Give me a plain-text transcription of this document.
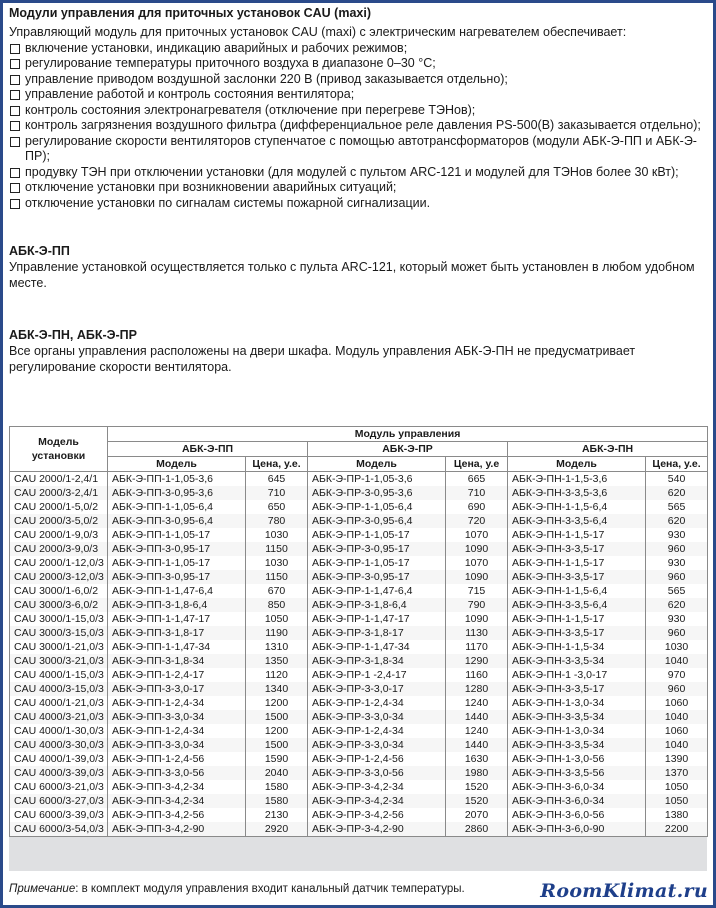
Модули управления для приточных установок CAU (maxi)

Управляющий модуль для приточных установок CAU (maxi) с электрическим нагревателем обеспечивает:

включение установки, индикацию аварийных и рабочих режимов;
регулирование температуры приточного воздуха в диапазоне 0–30 °С;
управление приводом воздушной заслонки 220 В (привод заказывается отдельно);
управление работой и контроль состояния вентилятора;
контроль состояния электронагревателя (отключение при перегреве ТЭНов);
контроль загрязнения воздушного фильтра (дифференциальное реле давления PS-500(В) заказывается отдельно);
регулирование скорости вентиляторов ступенчатое с помощью автотрансформаторов (модули АБК-Э-ПП и АБК-Э-ПР);
продувку ТЭН при отключении установки (для модулей с пультом ARC-121 и модулей для ТЭНов более 30 кВт);
отключение установки при возникновении аварийных ситуаций;
отключение установки по сигналам системы пожарной сигнализации.
АБК-Э-ПП

Управление установкой осуществляется только с пульта ARC-121, который может быть установлен в любом удобном месте.

АБК-Э-ПН, АБК-Э-ПР

Все органы управления расположены на двери шкафа. Модуль управления АБК-Э-ПН не предусматривает регулирование скорости вентилятора.

Модель установки	Модуль управления					
	АБК-Э-ПП		АБК-Э-ПР		АБК-Э-ПН	
	Модель	Цена, у.е.	Модель	Цена, у.е	Модель	Цена, у.е.
CAU 2000/1-2,4/1	АБК-Э-ПП-1-1,05-3,6	645	АБК-Э-ПР-1-1,05-3,6	665	АБК-Э-ПН-1-1,5-3,6	540
CAU 2000/3-2,4/1	АБК-Э-ПП-3-0,95-3,6	710	АБК-Э-ПР-3-0,95-3,6	710	АБК-Э-ПН-3-3,5-3,6	620
CAU 2000/1-5,0/2	АБК-Э-ПП-1-1,05-6,4	650	АБК-Э-ПР-1-1,05-6,4	690	АБК-Э-ПН-1-1,5-6,4	565
CAU 2000/3-5,0/2	АБК-Э-ПП-3-0,95-6,4	780	АБК-Э-ПР-3-0,95-6,4	720	АБК-Э-ПН-3-3,5-6,4	620
CAU 2000/1-9,0/3	АБК-Э-ПП-1-1,05-17	1030	АБК-Э-ПР-1-1,05-17	1070	АБК-Э-ПН-1-1,5-17	930
CAU 2000/3-9,0/3	АБК-Э-ПП-3-0,95-17	1150	АБК-Э-ПР-3-0,95-17	1090	АБК-Э-ПН-3-3,5-17	960
CAU 2000/1-12,0/3	АБК-Э-ПП-1-1,05-17	1030	АБК-Э-ПР-1-1,05-17	1070	АБК-Э-ПН-1-1,5-17	930
CAU 2000/3-12,0/3	АБК-Э-ПП-3-0,95-17	1150	АБК-Э-ПР-3-0,95-17	1090	АБК-Э-ПН-3-3,5-17	960
CAU 3000/1-6,0/2	АБК-Э-ПП-1-1,47-6,4	670	АБК-Э-ПР-1-1,47-6,4	715	АБК-Э-ПН-1-1,5-6,4	565
CAU 3000/3-6,0/2	АБК-Э-ПП-3-1,8-6,4	850	АБК-Э-ПР-3-1,8-6,4	790	АБК-Э-ПН-3-3,5-6,4	620
CAU 3000/1-15,0/3	АБК-Э-ПП-1-1,47-17	1050	АБК-Э-ПР-1-1,47-17	1090	АБК-Э-ПН-1-1,5-17	930
CAU 3000/3-15,0/3	АБК-Э-ПП-3-1,8-17	1190	АБК-Э-ПР-3-1,8-17	1130	АБК-Э-ПН-3-3,5-17	960
CAU 3000/1-21,0/3	АБК-Э-ПП-1-1,47-34	1310	АБК-Э-ПР-1-1,47-34	1170	АБК-Э-ПН-1-1,5-34	1030
CAU 3000/3-21,0/3	АБК-Э-ПП-3-1,8-34	1350	АБК-Э-ПР-3-1,8-34	1290	АБК-Э-ПН-3-3,5-34	1040
CAU 4000/1-15,0/3	АБК-Э-ПП-1-2,4-17	1120	АБК-Э-ПР-1 -2,4-17	1160	АБК-Э-ПН-1 -3,0-17	970
CAU 4000/3-15,0/3	АБК-Э-ПП-3-3,0-17	1340	АБК-Э-ПР-3-3,0-17	1280	АБК-Э-ПН-3-3,5-17	960
CAU 4000/1-21,0/3	АБК-Э-ПП-1-2,4-34	1200	АБК-Э-ПР-1-2,4-34	1240	АБК-Э-ПН-1-3,0-34	1060
CAU 4000/3-21,0/3	АБК-Э-ПП-3-3,0-34	1500	АБК-Э-ПР-3-3,0-34	1440	АБК-Э-ПН-3-3,5-34	1040
CAU 4000/1-30,0/3	АБК-Э-ПП-1-2,4-34	1200	АБК-Э-ПР-1-2,4-34	1240	АБК-Э-ПН-1-3,0-34	1060
CAU 4000/3-30,0/3	АБК-Э-ПП-3-3,0-34	1500	АБК-Э-ПР-3-3,0-34	1440	АБК-Э-ПН-3-3,5-34	1040
CAU 4000/1-39,0/3	АБК-Э-ПП-1-2,4-56	1590	АБК-Э-ПР-1-2,4-56	1630	АБК-Э-ПН-1-3,0-56	1390
CAU 4000/3-39,0/3	АБК-Э-ПП-3-3,0-56	2040	АБК-Э-ПР-3-3,0-56	1980	АБК-Э-ПН-3-3,5-56	1370
CAU 6000/3-21,0/3	АБК-Э-ПП-3-4,2-34	1580	АБК-Э-ПР-3-4,2-34	1520	АБК-Э-ПН-3-6,0-34	1050
CAU 6000/3-27,0/3	АБК-Э-ПП-3-4,2-34	1580	АБК-Э-ПР-3-4,2-34	1520	АБК-Э-ПН-3-6,0-34	1050
CAU 6000/3-39,0/3	АБК-Э-ПП-3-4,2-56	2130	АБК-Э-ПР-3-4,2-56	2070	АБК-Э-ПН-3-6,0-56	1380
CAU 6000/3-54,0/3	АБК-Э-ПП-3-4,2-90	2920	АБК-Э-ПР-3-4,2-90	2860	АБК-Э-ПН-3-6,0-90	2200
Примечание: в комплект модуля управления входит канальный датчик температуры.	RoomKlimat.ru
